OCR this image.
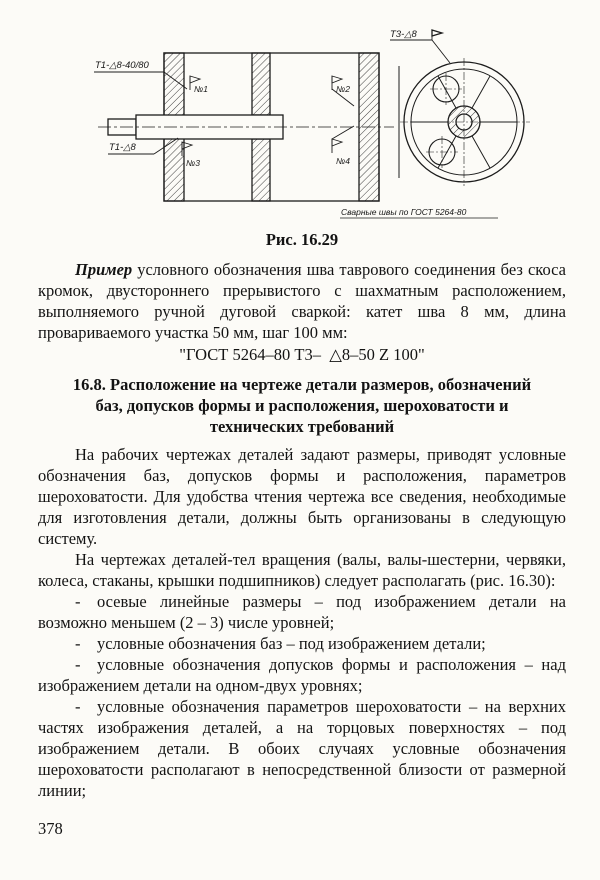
Т1-△8-40/80
Т1-△8
Т3-△8
№1	№2
№3	№4
Сварные швы по ГОСТ 5264-80
Рис. 16.29

Пример условного обозначения шва таврового соединения без скоса кромок, двустороннего прерывистого с шахматным расположением, выполняемого ручной дуговой сваркой: катет шва 8 мм, длина провариваемого участка 50 мм, шаг 100 мм:

"ГОСТ 5264–80 Т3–  △8–50 Z 100"
16.8. Расположение на чертеже детали размеров, обозначений баз, допусков формы и расположения, шероховатости и технических требований

На рабочих чертежах деталей задают размеры, приводят условные обозначения баз, допусков формы и расположения, параметров шероховатости. Для удобства чтения чертежа все сведения, необходимые для изготовления детали, должны быть организованы в следующую систему.

На чертежах деталей-тел вращения (валы, валы-шестерни, червяки, колеса, стаканы, крышки подшипников) следует располагать (рис. 16.30):

-  осевые линейные размеры – под изображением детали на возможно меньшем (2 – 3) числе уровней;

-  условные обозначения баз – под изображением детали;

-  условные обозначения допусков формы и расположения – над изображением детали на одном-двух уровнях;

-  условные обозначения параметров шероховатости – на верхних частях изображения деталей, а на торцовых поверхностях – под изображением детали. В обоих случаях условные обозначения шероховатости располагают в непосредственной близости от размерной линии;

378
